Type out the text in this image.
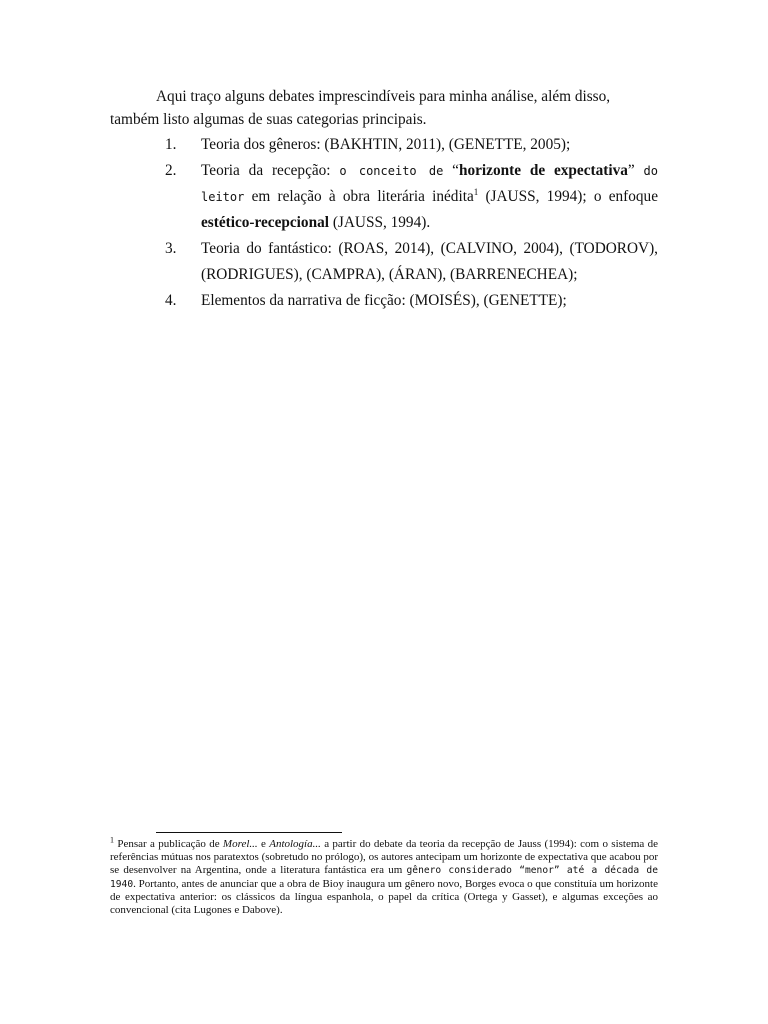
Aqui traço alguns debates imprescindíveis para minha análise, além disso,
também listo algumas de suas categorias principais.
1. Teoria dos gêneros: (BAKHTIN, 2011), (GENETTE, 2005);
2. Teoria da recepção: o conceito de “horizonte de expectativa” do leitor em relação à obra literária inédita$^1$ (JAUSS, 1994); o enfoque estético-recepcional (JAUSS, 1994).
3. Teoria do fantástico: (ROAS, 2014), (CALVINO, 2004), (TODOROV), (RODRIGUES), (CAMPRA), (ÁRAN), (BARRENECHEA);
4. Elementos da narrativa de ficção: (MOISÉS), (GENETTE);
$^1$ Pensar a publicação de Morel... e Antología... a partir do debate da teoria da recepção de Jauss (1994): com o sistema de referências mútuas nos paratextos (sobretudo no prólogo), os autores antecipam um horizonte de expectativa que acabou por se desenvolver na Argentina, onde a literatura fantástica era um gênero considerado “menor” até a década de 1940. Portanto, antes de anunciar que a obra de Bioy inaugura um gênero novo, Borges evoca o que constituía um horizonte de expectativa anterior: os clássicos da língua espanhola, o papel da crítica (Ortega y Gasset), e algumas exceções ao convencional (cita Lugones e Dabove).
